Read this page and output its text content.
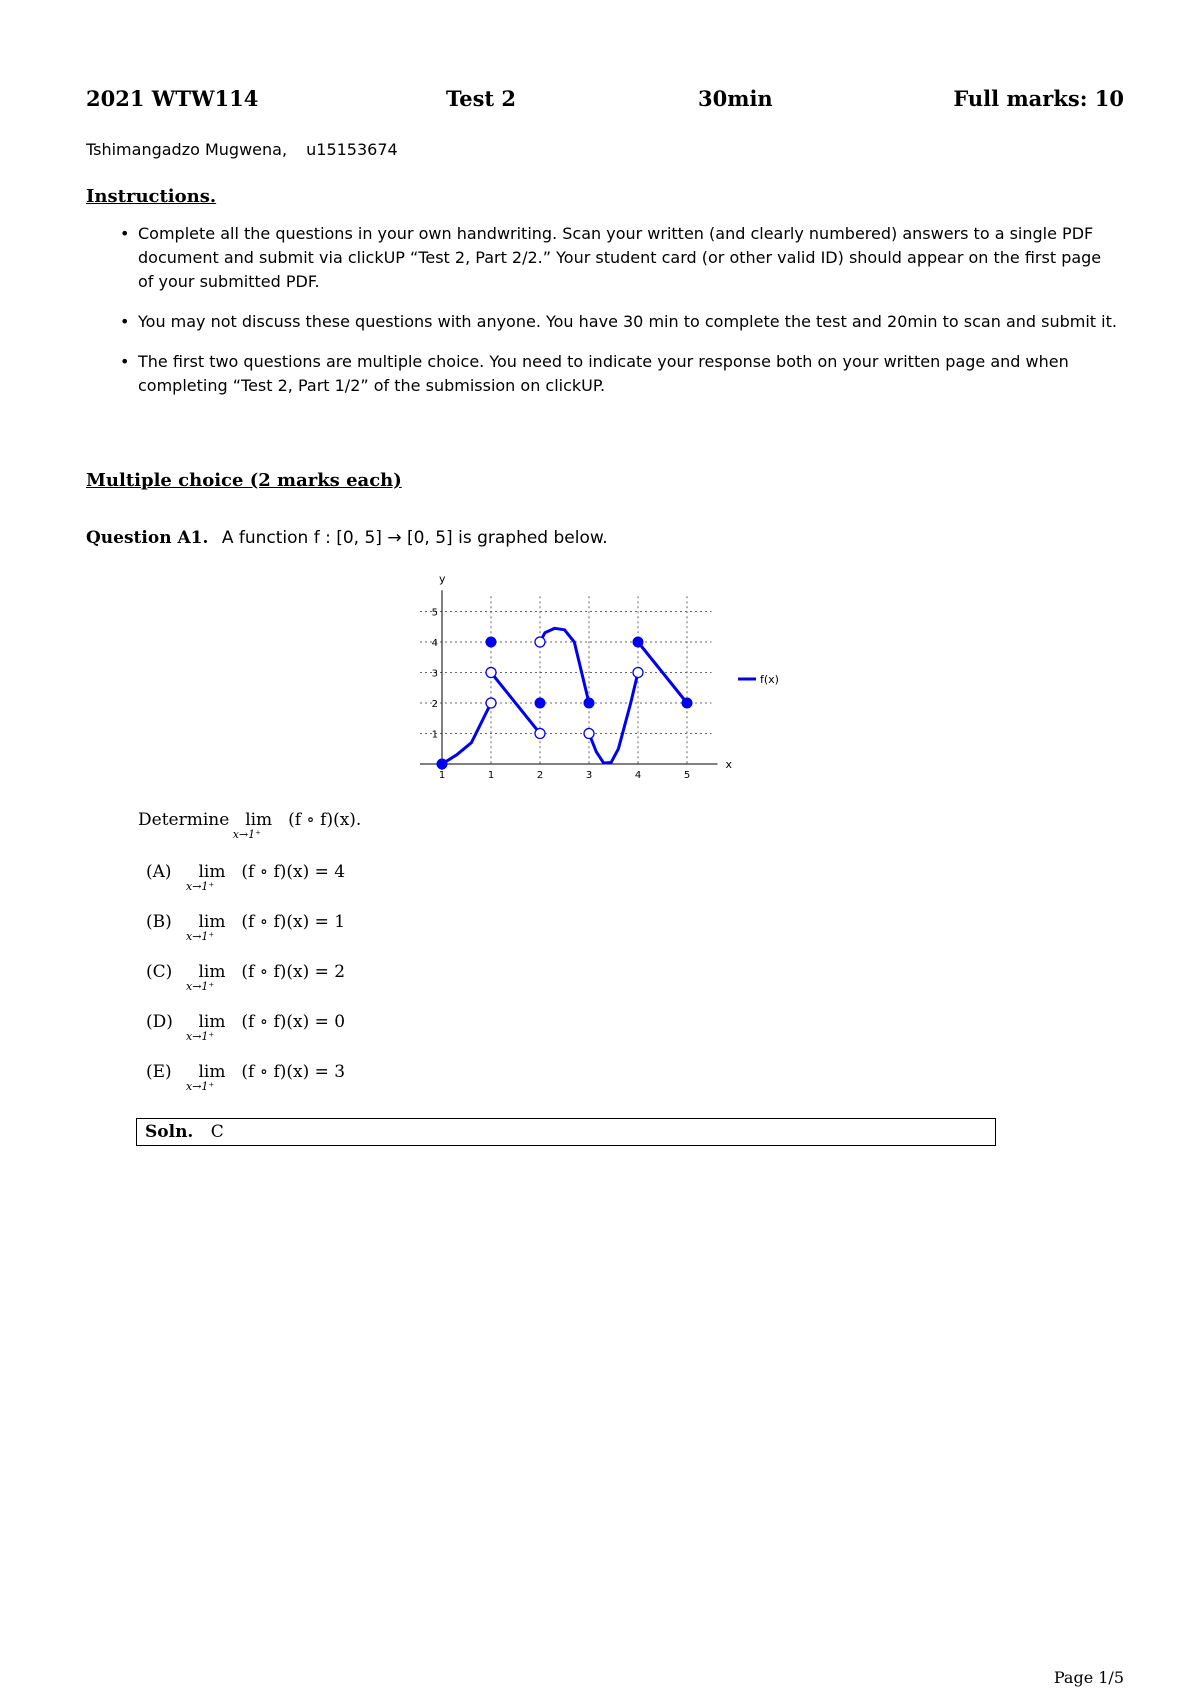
2021 WTW114	Test 2	30min	Full marks: 10
Tshimangadzo Mugwena, u15153674
Instructions.
• Complete all the questions in your own handwriting. Scan your written (and clearly numbered) answers to a single PDF document and submit via clickUP “Test 2, Part 2/2.” Your student card (or other valid ID) should appear on the first page of your submitted PDF.
• You may not discuss these questions with anyone. You have 30 min to complete the test and 20min to scan and submit it.
• The first two questions are multiple choice. You need to indicate your response both on your written page and when completing “Test 2, Part 1/2” of the submission on clickUP.
Multiple choice (2 marks each)
Question A1. A function f : [0, 5] → [0, 5] is graphed below.
1	1	2	3	4	5
1
2
3
4
5
x
y
f(x)
Determine lim
x→1⁺
(f ∘ f)(x).
(A) lim
x→1⁺
(f ∘ f)(x) = 4
(B) lim
x→1⁺
(f ∘ f)(x) = 1
(C) lim
x→1⁺
(f ∘ f)(x) = 2
(D) lim
x→1⁺
(f ∘ f)(x) = 0
(E) lim
x→1⁺
(f ∘ f)(x) = 3
Soln. C
Page 1/5
